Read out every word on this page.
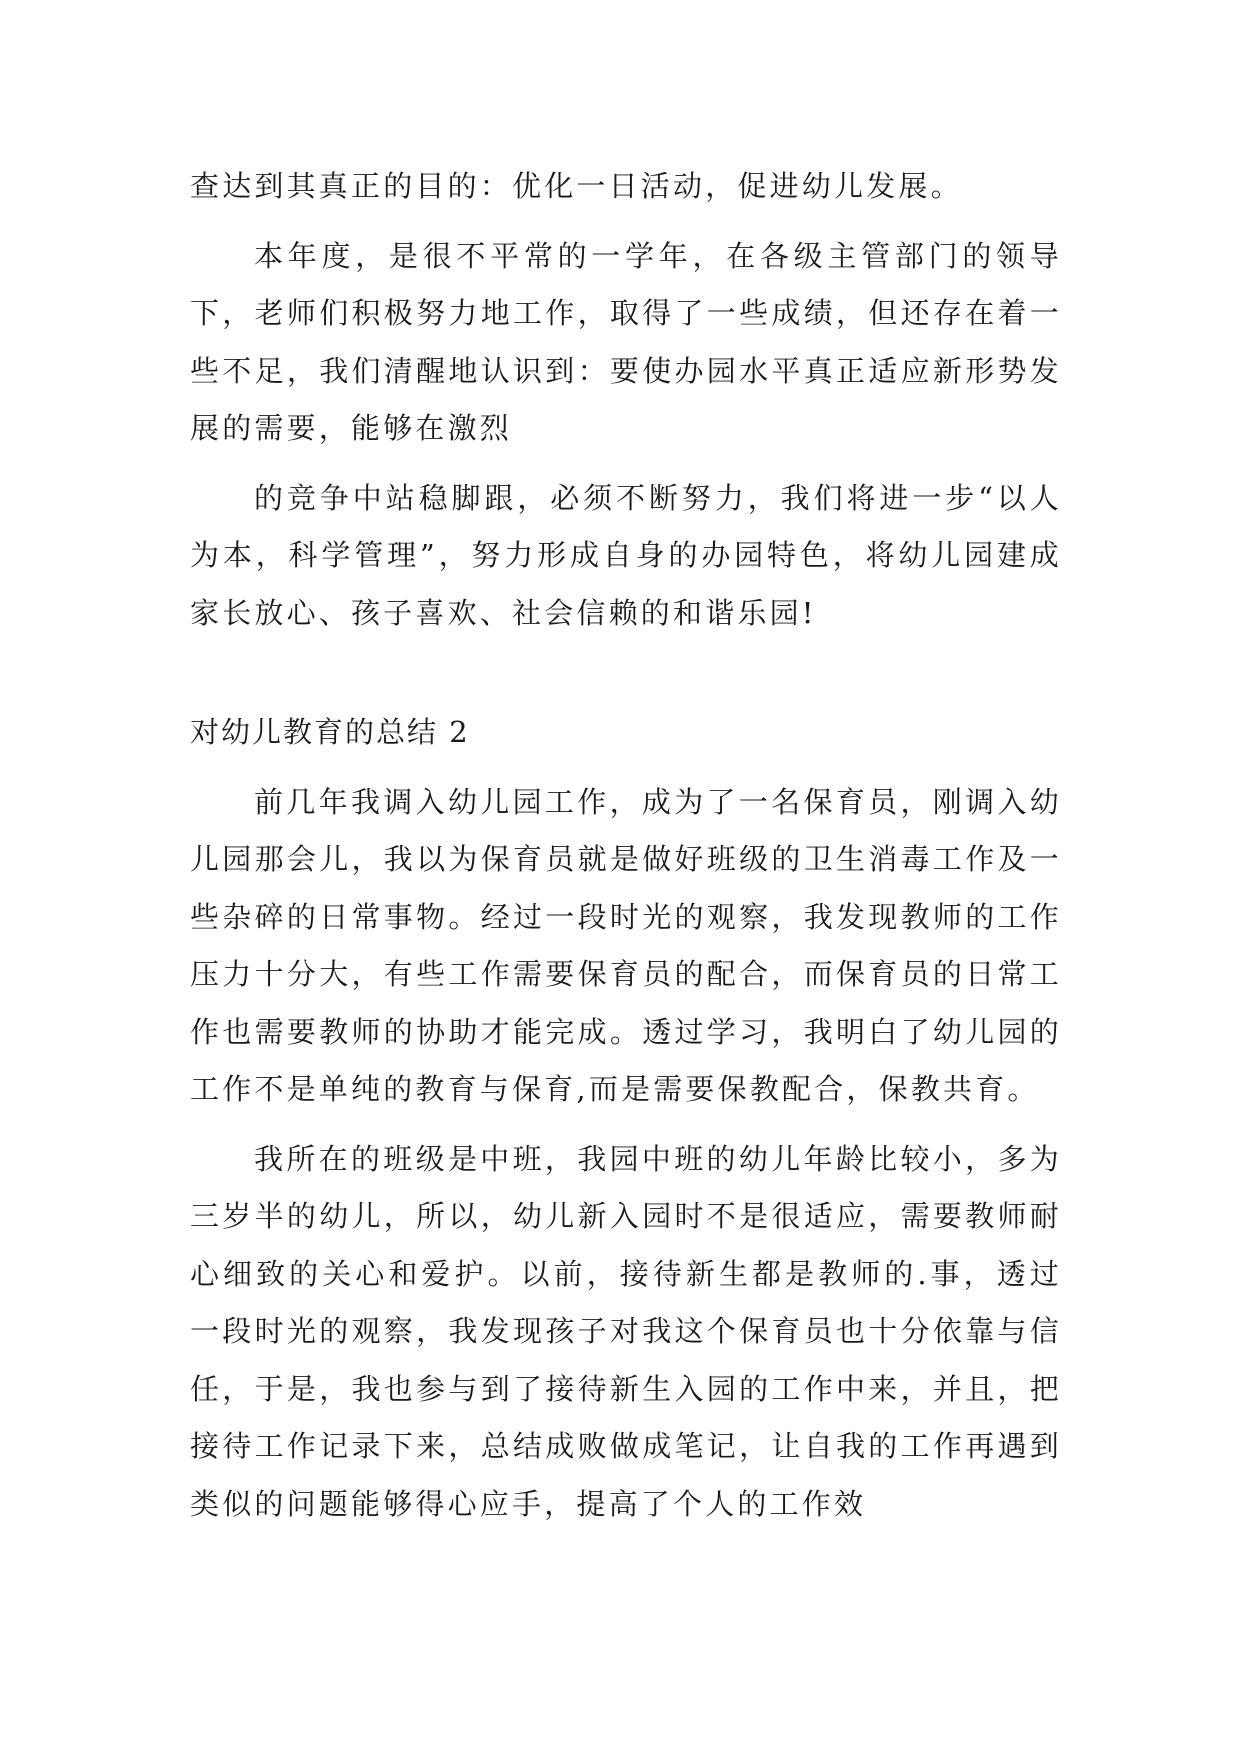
查达到其真正的目的：优化一日活动，促进幼儿发展。

本年度，是很不平常的一学年，在各级主管部门的领导下，老师们积极努力地工作，取得了一些成绩，但还存在着一些不足，我们清醒地认识到：要使办园水平真正适应新形势发展的需要，能够在激烈

的竞争中站稳脚跟，必须不断努力，我们将进一步“以人为本，科学管理”，努力形成自身的办园特色，将幼儿园建成家长放心、孩子喜欢、社会信赖的和谐乐园!

对幼儿教育的总结 2

前几年我调入幼儿园工作，成为了一名保育员，刚调入幼儿园那会儿，我以为保育员就是做好班级的卫生消毒工作及一些杂碎的日常事物。经过一段时光的观察，我发现教师的工作压力十分大，有些工作需要保育员的配合，而保育员的日常工作也需要教师的协助才能完成。透过学习，我明白了幼儿园的工作不是单纯的教育与保育,而是需要保教配合，保教共育。

我所在的班级是中班，我园中班的幼儿年龄比较小，多为三岁半的幼儿，所以，幼儿新入园时不是很适应，需要教师耐心细致的关心和爱护。以前，接待新生都是教师的.事，透过一段时光的观察，我发现孩子对我这个保育员也十分依靠与信任，于是，我也参与到了接待新生入园的工作中来，并且，把接待工作记录下来，总结成败做成笔记，让自我的工作再遇到类似的问题能够得心应手，提高了个人的工作效
